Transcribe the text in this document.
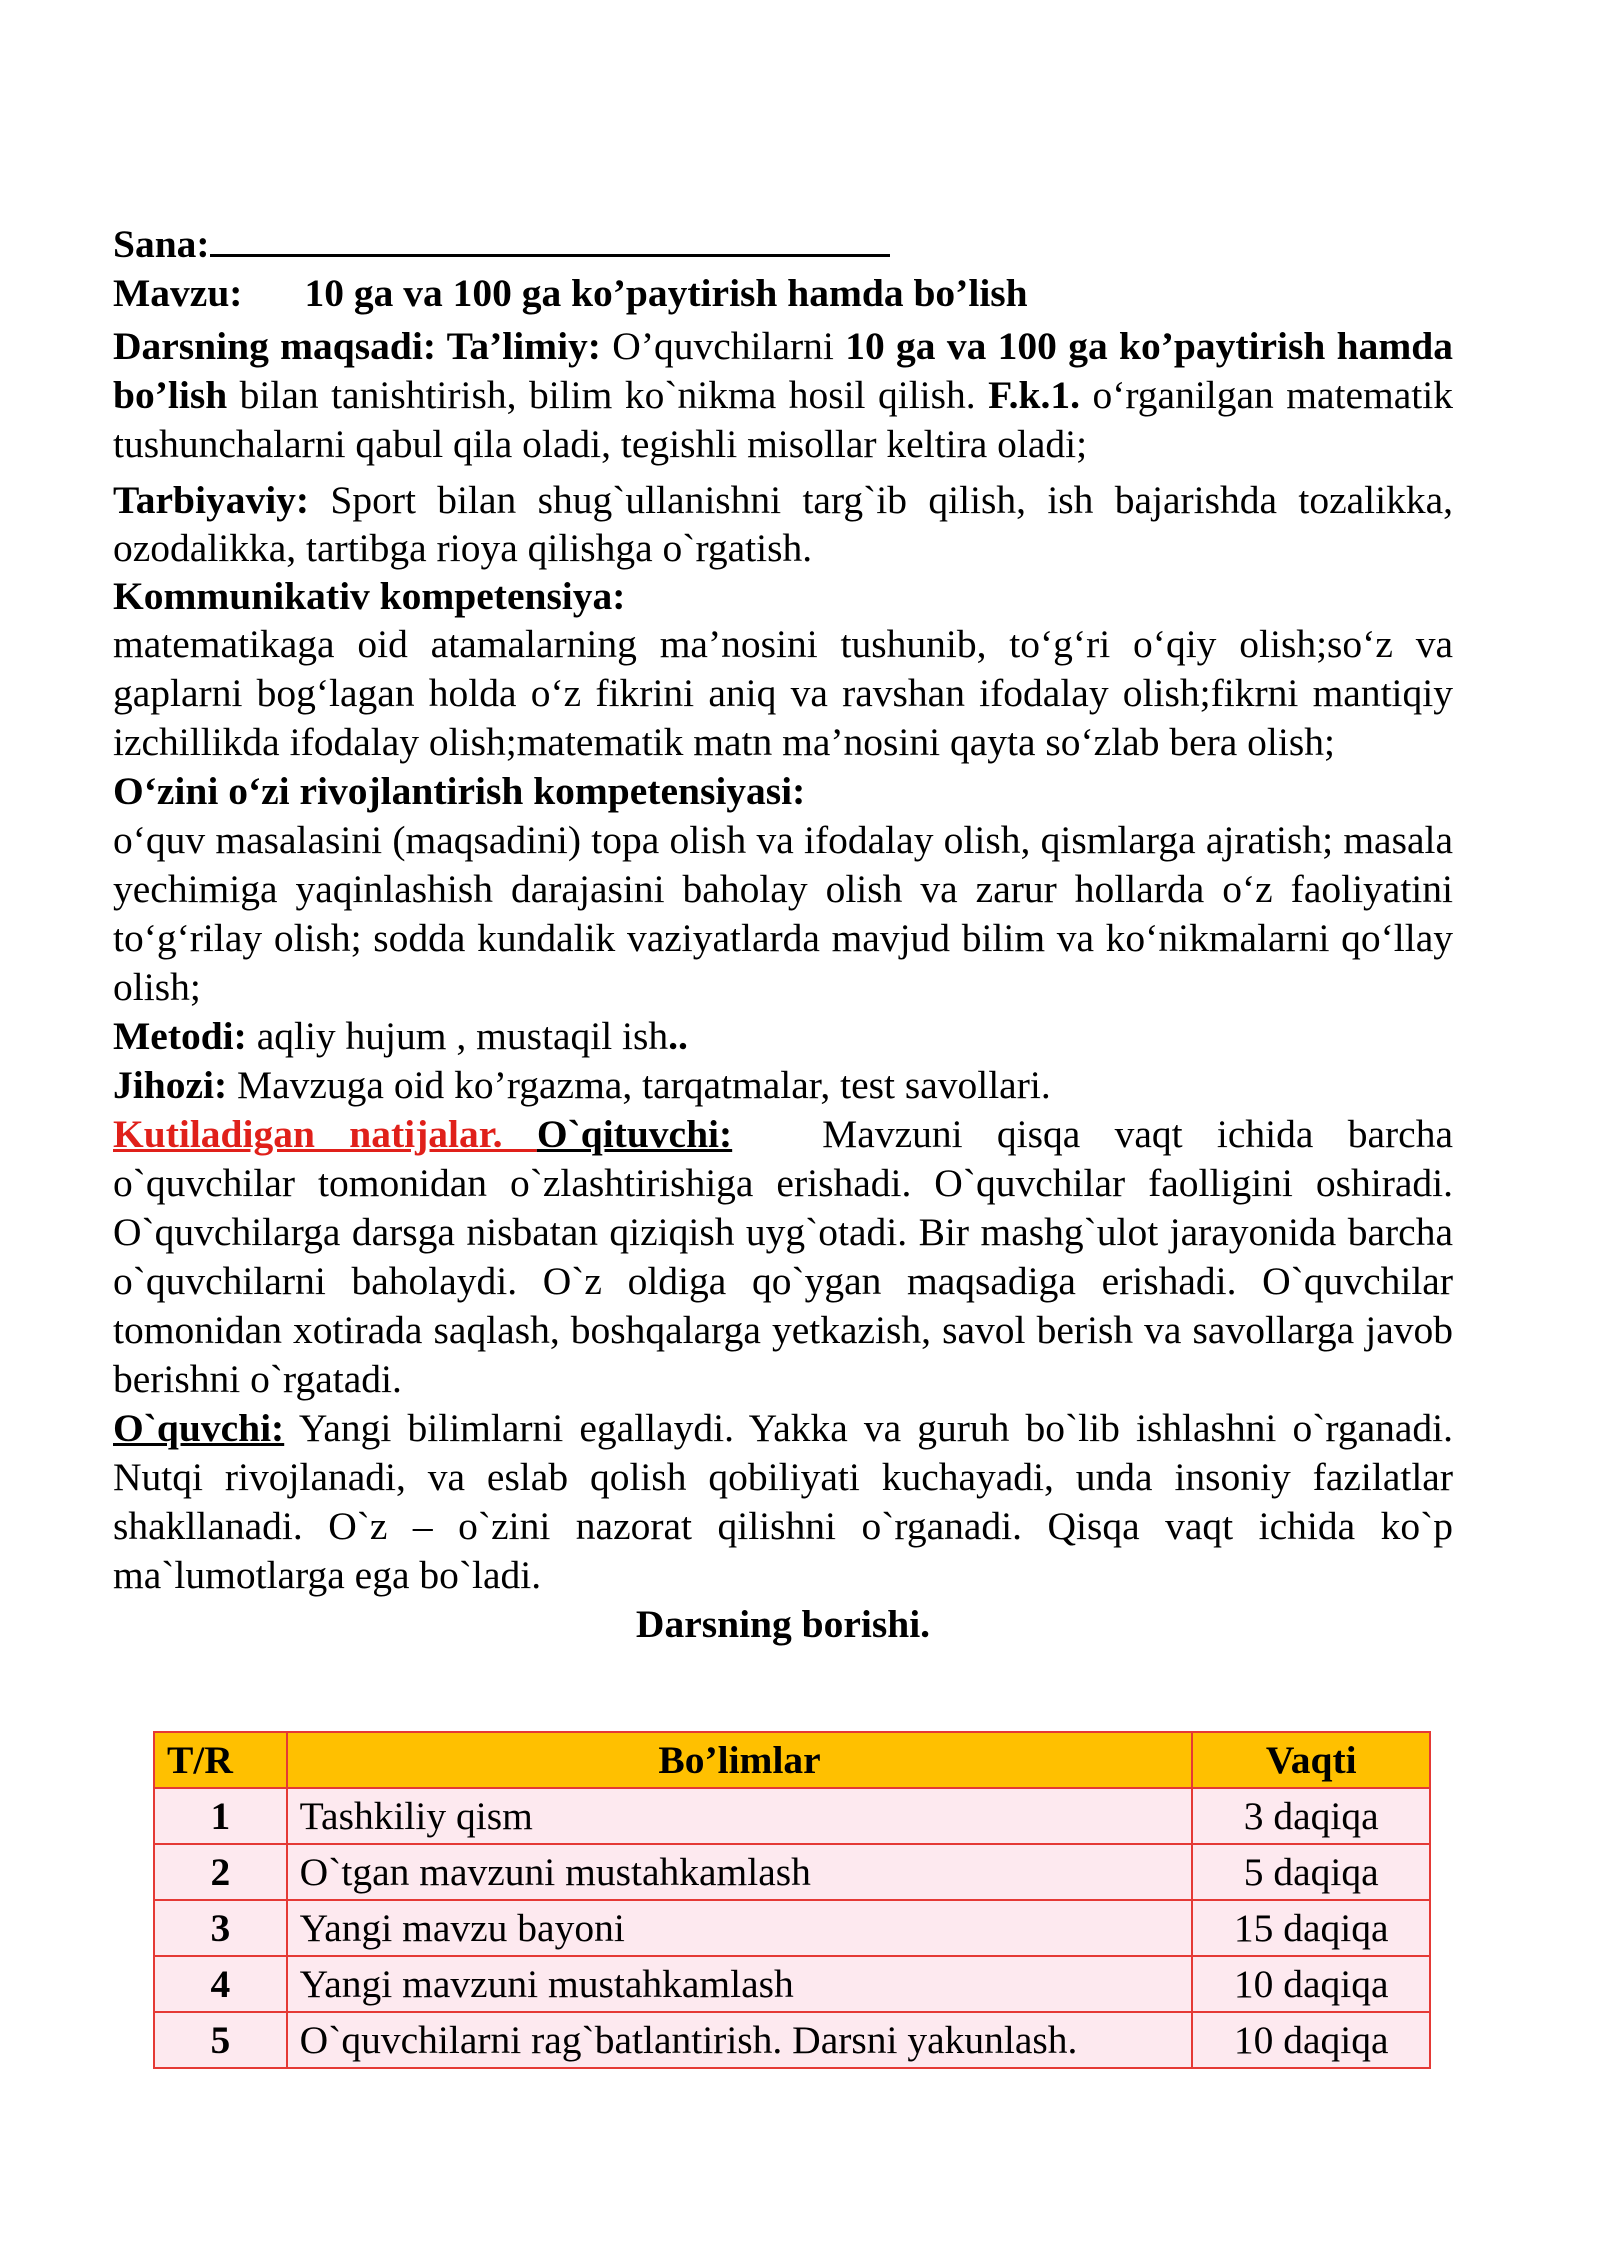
Sana:

Mavzu: 10 ga va 100 ga ko’paytirish hamda bo’lish

Darsning maqsadi: Ta’limiy: O’quvchilarni 10 ga va 100 ga ko’paytirish hamda bo’lish bilan tanishtirish, bilim ko`nikma hosil qilish. F.k.1. o‘rganilgan matematik tushunchalarni qabul qila oladi, tegishli misollar keltira oladi;

Tarbiyaviy: Sport bilan shug`ullanishni targ`ib qilish, ish bajarishda tozalikka, ozodalikka, tartibga rioya qilishga o`rgatish.

Kommunikativ kompetensiya:

matematikaga oid atamalarning ma’nosini tushunib, to‘g‘ri o‘qiy olish;so‘z va gaplarni bog‘lagan holda o‘z fikrini aniq va ravshan ifodalay olish;fikrni mantiqiy izchillikda ifodalay olish;matematik matn ma’nosini qayta so‘zlab bera olish;

O‘zini o‘zi rivojlantirish kompetensiyasi:

o‘quv masalasini (maqsadini) topa olish va ifodalay olish, qismlarga ajratish; masala yechimiga yaqinlashish darajasini baholay olish va zarur hollarda o‘z faoliyatini to‘g‘rilay olish; sodda kundalik vaziyatlarda mavjud bilim va ko‘nikmalarni qo‘llay olish;

Metodi: aqliy hujum , mustaqil ish..

Jihozi: Mavzuga oid ko’rgazma, tarqatmalar, test savollari.

Kutiladigan natijalar. O`qituvchi: Mavzuni qisqa vaqt ichida barcha o`quvchilar tomonidan o`zlashtirishiga erishadi. O`quvchilar faolligini oshiradi. O`quvchilarga darsga nisbatan qiziqish uyg`otadi. Bir mashg`ulot jarayonida barcha o`quvchilarni baholaydi. O`z oldiga qo`ygan maqsadiga erishadi. O`quvchilar tomonidan xotirada saqlash, boshqalarga yetkazish, savol berish va savollarga javob berishni o`rgatadi.

O`quvchi: Yangi bilimlarni egallaydi. Yakka va guruh bo`lib ishlashni o`rganadi. Nutqi rivojlanadi, va eslab qolish qobiliyati kuchayadi, unda insoniy fazilatlar shakllanadi. O`z – o`zini nazorat qilishni o`rganadi. Qisqa vaqt ichida ko`p ma`lumotlarga ega bo`ladi.

Darsning borishi.

T/R	Bo’limlar	Vaqti
1	Tashkiliy qism	3 daqiqa
2	O`tgan mavzuni mustahkamlash	5 daqiqa
3	Yangi mavzu bayoni	15 daqiqa
4	Yangi mavzuni mustahkamlash	10 daqiqa
5	O`quvchilarni rag`batlantirish. Darsni yakunlash.	10 daqiqa
